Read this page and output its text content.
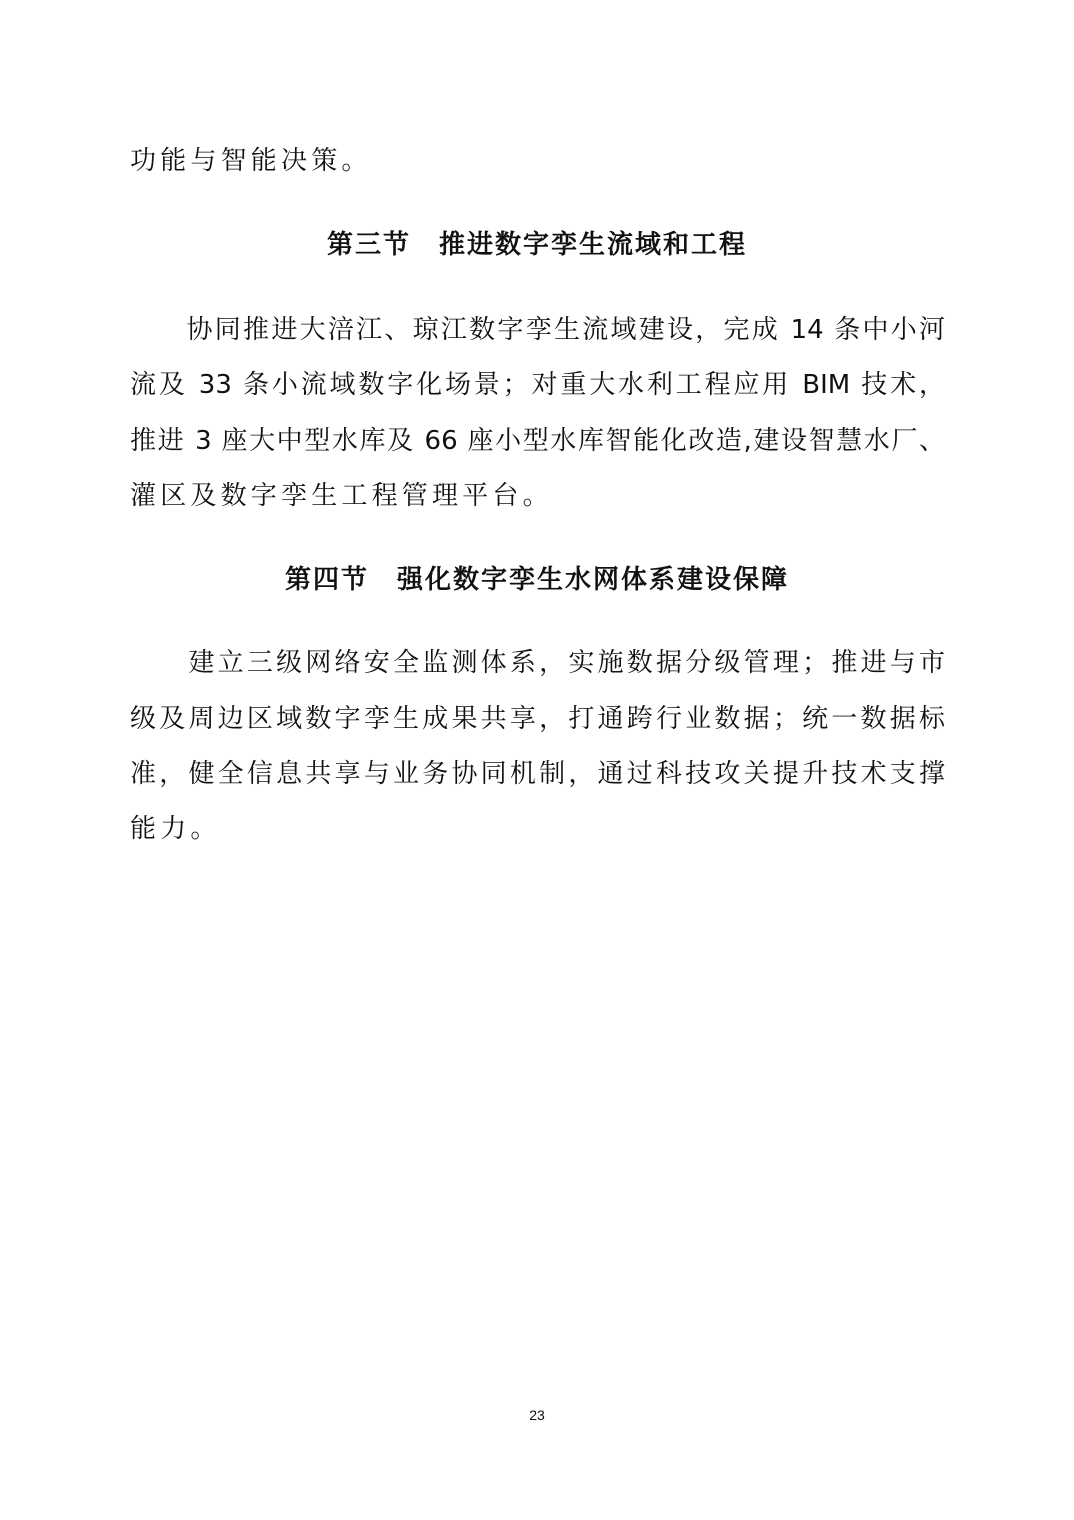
功能与智能决策。
第三节　推进数字孪生流域和工程
　　协同推进大涪江、琼江数字孪生流域建设，完成 14 条中小河
流及 33 条小流域数字化场景；对重大水利工程应用 BIM 技术，
推进 3 座大中型水库及 66 座小型水库智能化改造,建设智慧水厂、
灌区及数字孪生工程管理平台。
第四节　强化数字孪生水网体系建设保障
　　建立三级网络安全监测体系，实施数据分级管理；推进与市
级及周边区域数字孪生成果共享，打通跨行业数据；统一数据标
准，健全信息共享与业务协同机制，通过科技攻关提升技术支撑
能力。
23
